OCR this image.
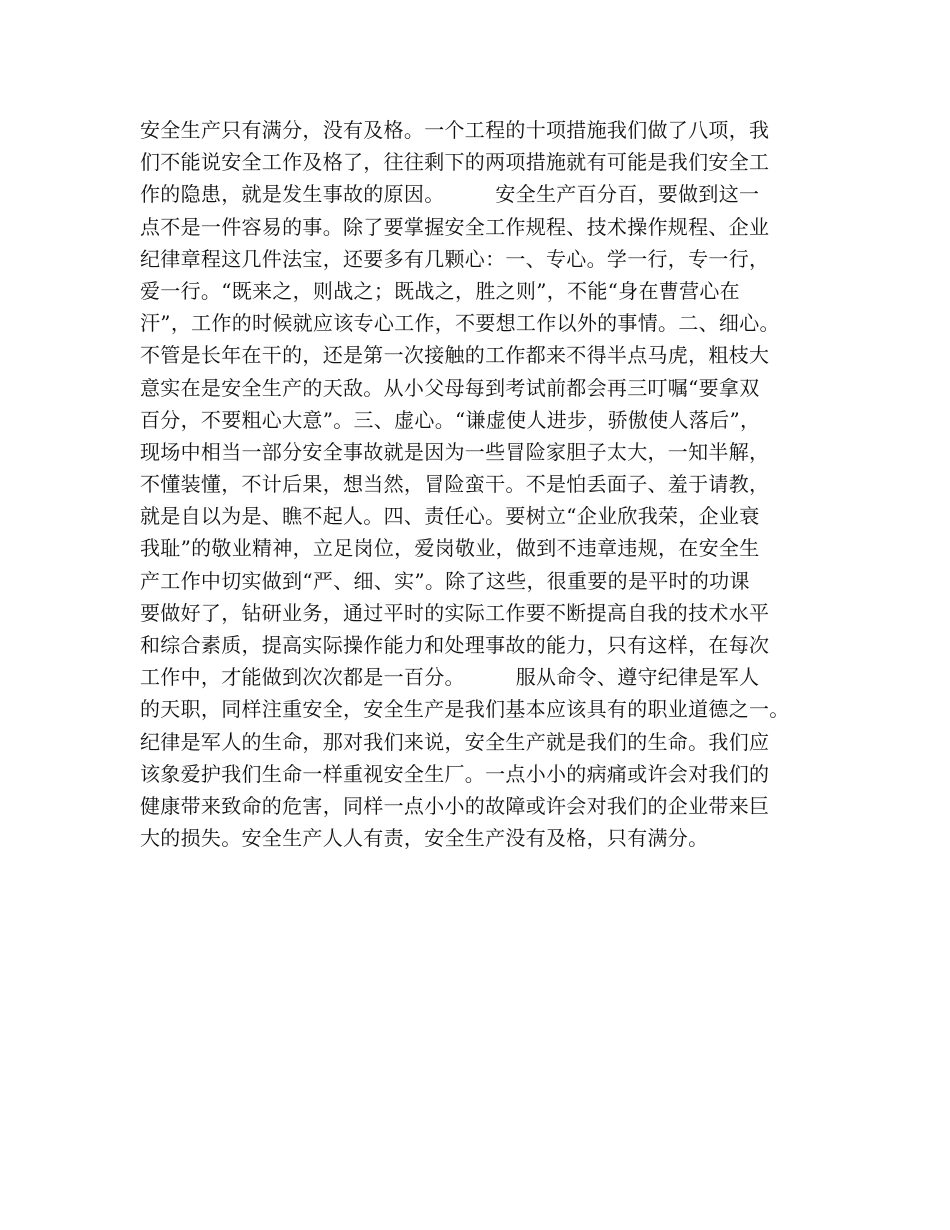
安全生产只有满分，没有及格。一个工程的十项措施我们做了八项，我
们不能说安全工作及格了，往往剩下的两项措施就有可能是我们安全工
作的隐患，就是发生事故的原因。　　　安全生产百分百，要做到这一
点不是一件容易的事。除了要掌握安全工作规程、技术操作规程、企业
纪律章程这几件法宝，还要多有几颗心：一、专心。学一行，专一行，
爱一行。“既来之，则战之；既战之，胜之则”，不能“身在曹营心在
汗”，工作的时候就应该专心工作，不要想工作以外的事情。二、细心。
不管是长年在干的，还是第一次接触的工作都来不得半点马虎，粗枝大
意实在是安全生产的天敌。从小父母每到考试前都会再三叮嘱“要拿双
百分，不要粗心大意”。三、虚心。“谦虚使人进步，骄傲使人落后”，
现场中相当一部分安全事故就是因为一些冒险家胆子太大，一知半解，
不懂装懂，不计后果，想当然，冒险蛮干。不是怕丢面子、羞于请教，
就是自以为是、瞧不起人。四、责任心。要树立“企业欣我荣，企业衰
我耻”的敬业精神，立足岗位，爱岗敬业，做到不违章违规，在安全生
产工作中切实做到“严、细、实”。除了这些，很重要的是平时的功课
要做好了，钻研业务，通过平时的实际工作要不断提高自我的技术水平
和综合素质，提高实际操作能力和处理事故的能力，只有这样，在每次
工作中，才能做到次次都是一百分。　　　服从命令、遵守纪律是军人
的天职，同样注重安全，安全生产是我们基本应该具有的职业道德之一。
纪律是军人的生命，那对我们来说，安全生产就是我们的生命。我们应
该象爱护我们生命一样重视安全生厂。一点小小的病痛或许会对我们的
健康带来致命的危害，同样一点小小的故障或许会对我们的企业带来巨
大的损失。安全生产人人有责，安全生产没有及格，只有满分。
